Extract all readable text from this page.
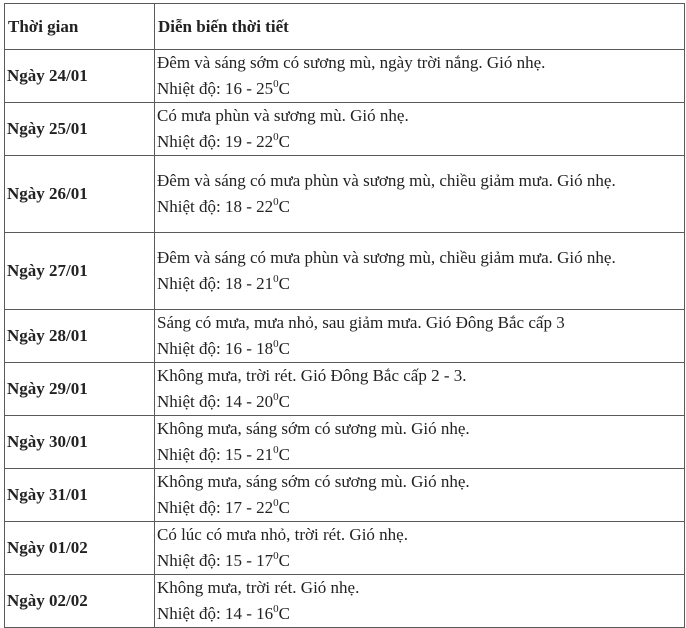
Thời gian	Diễn biến thời tiết
Ngày 24/01	Đêm và sáng sớm có sương mù, ngày trời nắng. Gió nhẹ.
Nhiệt độ: $16 - 25^0C$

Ngày 25/01	Có mưa phùn và sương mù. Gió nhẹ.
Nhiệt độ: $19 - 22^0C$

Ngày 26/01	Đêm và sáng có mưa phùn và sương mù, chiều giảm mưa. Gió nhẹ.
Nhiệt độ: $18 - 22^0C$

Ngày 27/01	Đêm và sáng có mưa phùn và sương mù, chiều giảm mưa. Gió nhẹ.
Nhiệt độ: $18 - 21^0C$

Ngày 28/01	Sáng có mưa, mưa nhỏ, sau giảm mưa. Gió Đông Bắc cấp 3
Nhiệt độ: $16 - 18^0C$

Ngày 29/01	Không mưa, trời rét. Gió Đông Bắc cấp 2 - 3.
Nhiệt độ: $14 - 20^0C$

Ngày 30/01	Không mưa, sáng sớm có sương mù. Gió nhẹ.
Nhiệt độ: $15 - 21^0C$

Ngày 31/01	Không mưa, sáng sớm có sương mù. Gió nhẹ.
Nhiệt độ: $17 - 22^0C$

Ngày 01/02	Có lúc có mưa nhỏ, trời rét. Gió nhẹ.
Nhiệt độ: $15 - 17^0C$

Ngày 02/02	Không mưa, trời rét. Gió nhẹ.
Nhiệt độ: $14 - 16^0C$
